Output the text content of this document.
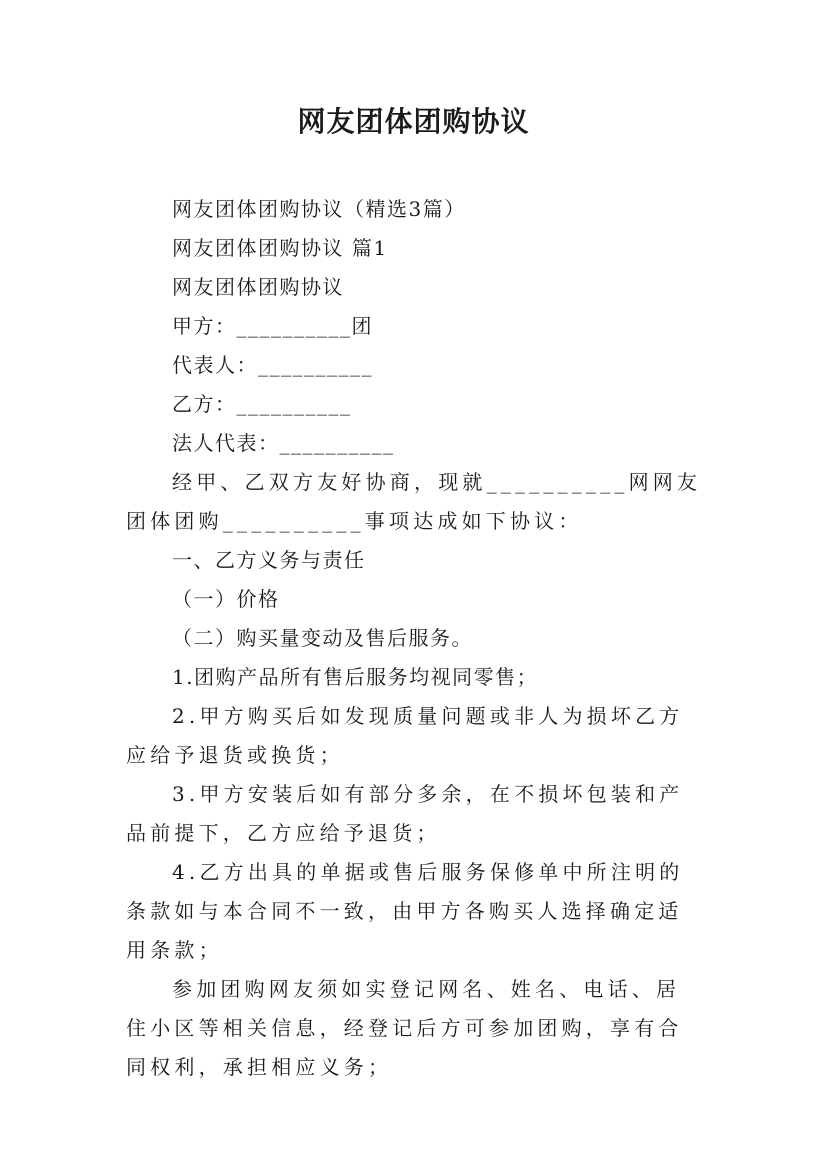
网友团体团购协议

网友团体团购协议（精选3篇）

网友团体团购协议 篇1

网友团体团购协议

甲方：__________团

代表人：__________

乙方：__________

法人代表：__________

经甲、乙双方友好协商，现就__________网网友团体团购__________事项达成如下协议：

一、乙方义务与责任

（一）价格

（二）购买量变动及售后服务。

1.团购产品所有售后服务均视同零售；

2.甲方购买后如发现质量问题或非人为损坏乙方应给予退货或换货；

3.甲方安装后如有部分多余，在不损坏包装和产品前提下，乙方应给予退货；

4.乙方出具的单据或售后服务保修单中所注明的条款如与本合同不一致，由甲方各购买人选择确定适用条款；

参加团购网友须如实登记网名、姓名、电话、居住小区等相关信息，经登记后方可参加团购，享有合同权利，承担相应义务；
